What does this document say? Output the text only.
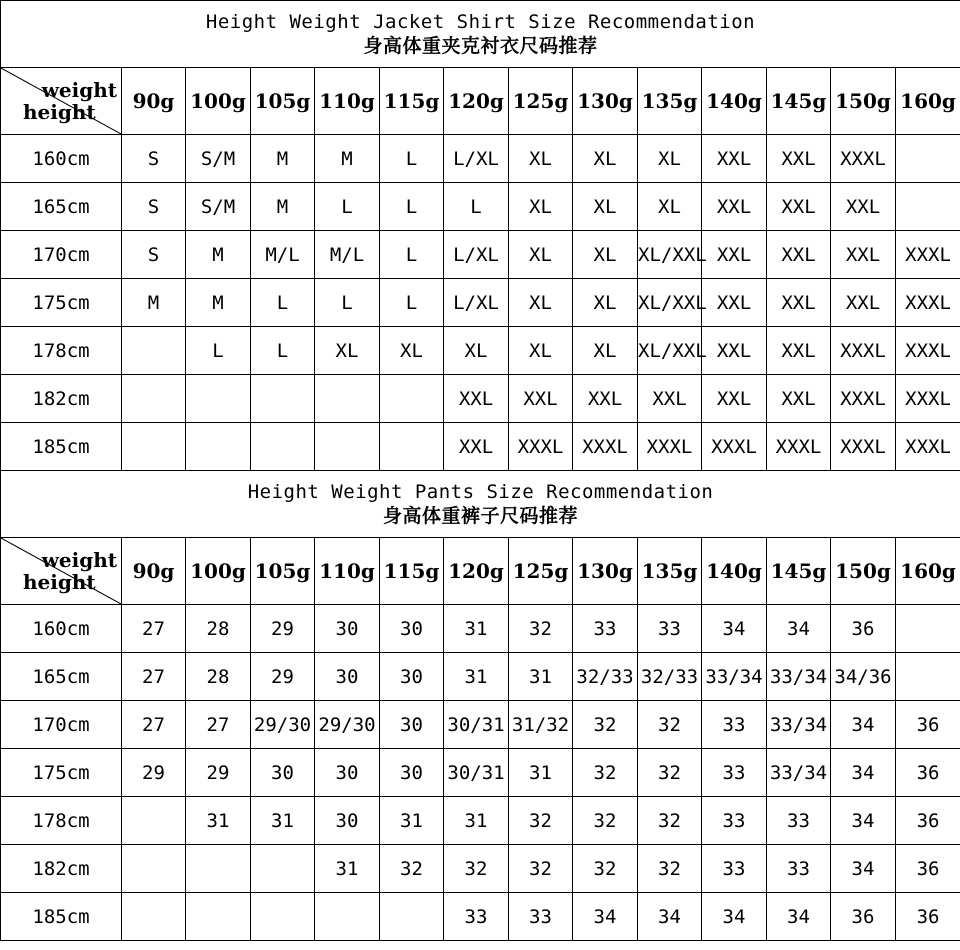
Height Weight Jacket Shirt Size Recommendation
身高体重夹克衬衣尺码推荐													

weight
height	90g	100g	105g	110g	115g	120g	125g	130g	135g	140g	145g	150g	160g
160cm	S	S/M	M	M	L	L/XL	XL	XL	XL	XXL	XXL	XXXL	
165cm	S	S/M	M	L	L	L	XL	XL	XL	XXL	XXL	XXL	
170cm	S	M	M/L	M/L	L	L/XL	XL	XL	XL/XXL	XXL	XXL	XXL	XXXL
175cm	M	M	L	L	L	L/XL	XL	XL	XL/XXL	XXL	XXL	XXL	XXXL
178cm		L	L	XL	XL	XL	XL	XL	XL/XXL	XXL	XXL	XXXL	XXXL
182cm						XXL	XXL	XXL	XXL	XXL	XXL	XXXL	XXXL
185cm						XXL	XXXL	XXXL	XXXL	XXXL	XXXL	XXXL	XXXL

Height Weight Pants Size Recommendation
身高体重裤子尺码推荐													

weight
height	90g	100g	105g	110g	115g	120g	125g	130g	135g	140g	145g	150g	160g
160cm	27	28	29	30	30	31	32	33	33	34	34	36	
165cm	27	28	29	30	30	31	31	32/33	32/33	33/34	33/34	34/36	
170cm	27	27	29/30	29/30	30	30/31	31/32	32	32	33	33/34	34	36
175cm	29	29	30	30	30	30/31	31	32	32	33	33/34	34	36
178cm		31	31	30	31	31	32	32	32	33	33	34	36
182cm				31	32	32	32	32	32	33	33	34	36
185cm						33	33	34	34	34	34	36	36
